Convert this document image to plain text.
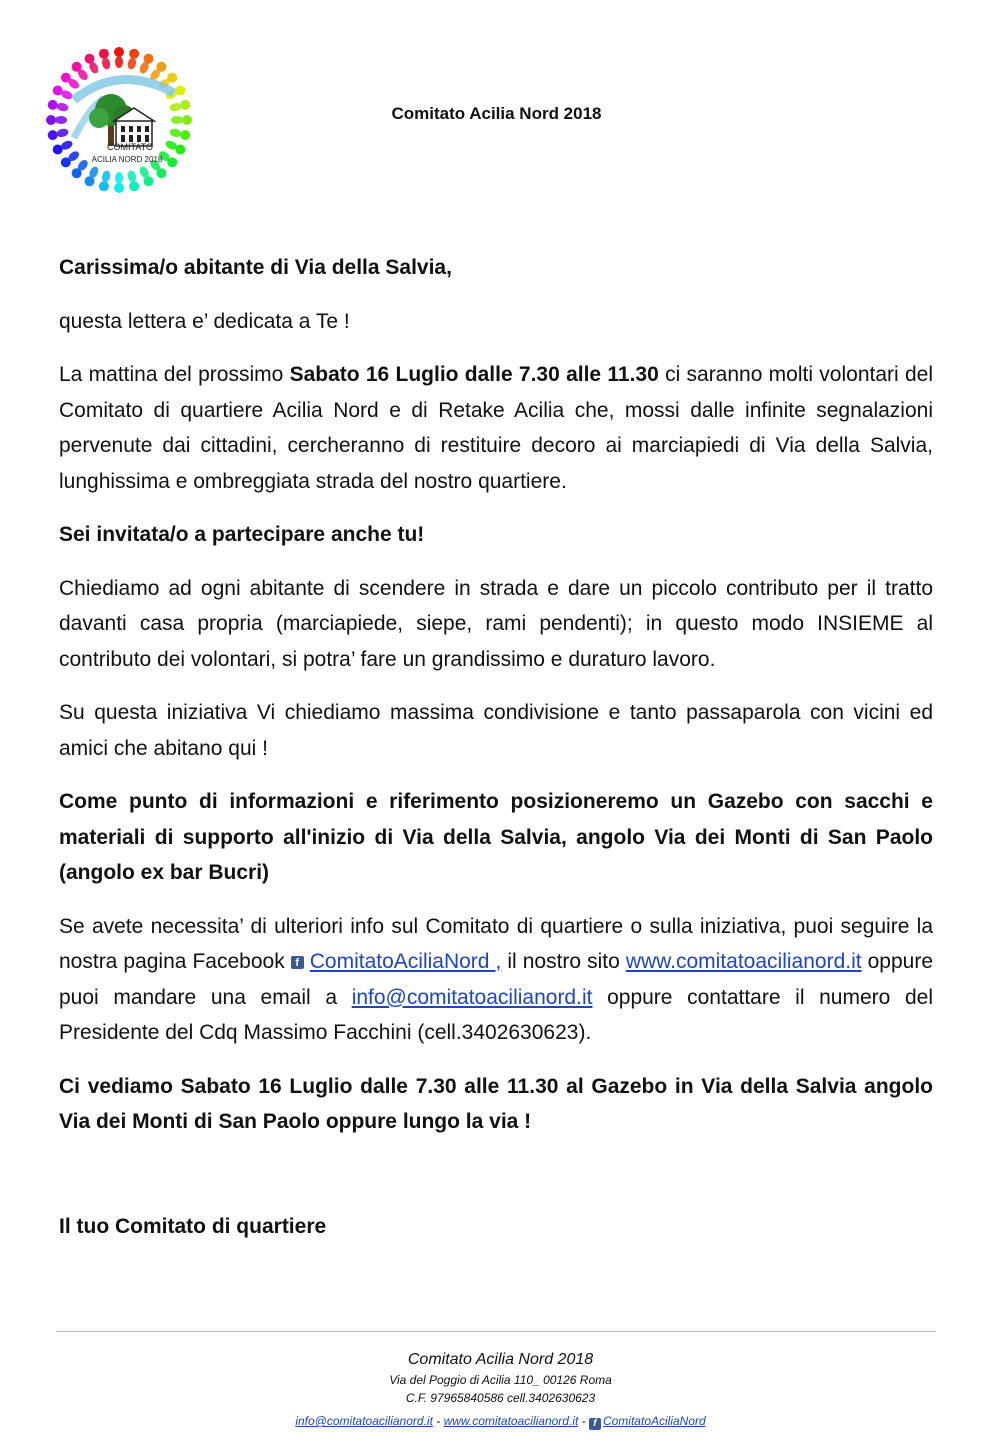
COMITATO
ACILIA NORD 2018
Comitato Acilia Nord 2018

Carissima/o abitante di Via della Salvia,

questa lettera e’ dedicata a Te !

La mattina del prossimo Sabato 16 Luglio dalle 7.30 alle 11.30 ci saranno molti volontari del Comitato di quartiere Acilia Nord e di Retake Acilia che, mossi dalle infinite segnalazioni pervenute dai cittadini, cercheranno di restituire decoro ai marciapiedi di Via della Salvia, lunghissima e ombreggiata strada del nostro quartiere.

Sei invitata/o a partecipare anche tu!

Chiediamo ad ogni abitante di scendere in strada e dare un piccolo contributo per il tratto davanti casa propria (marciapiede, siepe, rami pendenti); in questo modo INSIEME al contributo dei volontari, si potra’ fare un grandissimo e duraturo lavoro.

Su questa iniziativa Vi chiediamo massima condivisione e tanto passaparola con vicini ed amici che abitano qui !

Come punto di informazioni e riferimento posizioneremo un Gazebo con sacchi e materiali di supporto all'inizio di Via della Salvia, angolo Via dei Monti di San Paolo (angolo ex bar Bucri)

Se avete necessita’ di ulteriori info sul Comitato di quartiere o sulla iniziativa, puoi seguire la nostra pagina Facebook f ComitatoAciliaNord , il nostro sito www.comitatoacilianord.it oppure puoi mandare una email a info@comitatoacilianord.it oppure contattare il numero del Presidente del Cdq Massimo Facchini (cell.3402630623).

Ci vediamo Sabato 16 Luglio dalle 7.30 alle 11.30 al Gazebo in Via della Salvia angolo Via dei Monti di San Paolo oppure lungo la via !

Il tuo Comitato di quartiere

Comitato Acilia Nord 2018
Via del Poggio di Acilia 110_ 00126 Roma
C.F. 97965840586 cell.3402630623
info@comitatoacilianord.it - www.comitatoacilianord.it - f ComitatoAciliaNord
